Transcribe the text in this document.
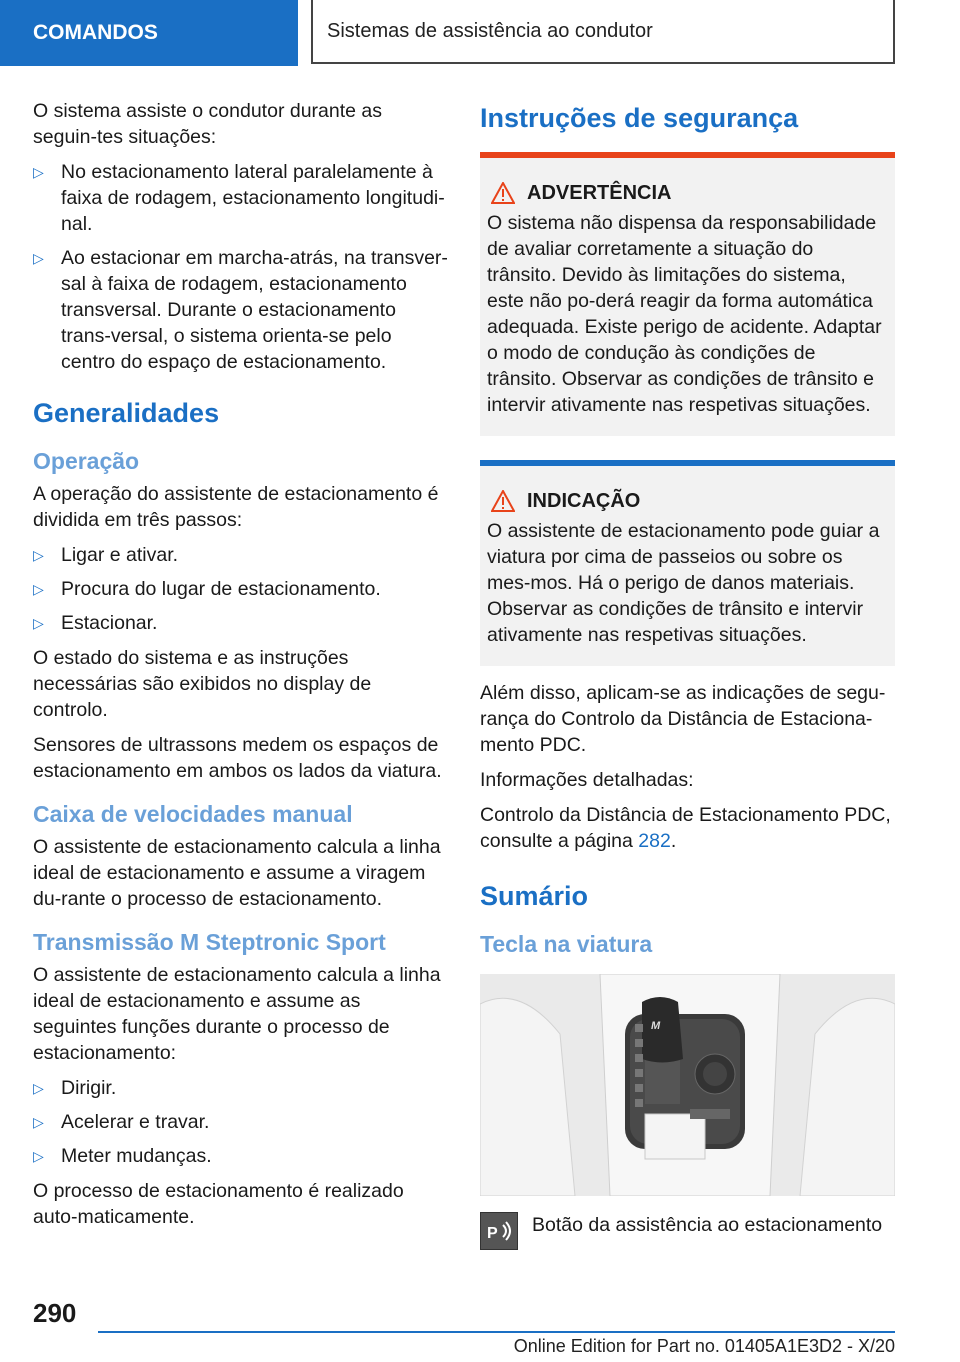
COMANDOS	Sistemas de assistência ao condutor

O sistema assiste o condutor durante as seguin-tes situações:

▷ No estacionamento lateral paralelamente à faixa de rodagem, estacionamento longitudi-nal.
▷ Ao estacionar em marcha-atrás, na transver-sal à faixa de rodagem, estacionamento transversal. Durante o estacionamento trans-versal, o sistema orienta-se pelo centro do espaço de estacionamento.
Generalidades
Operação

A operação do assistente de estacionamento é dividida em três passos:

▷ Ligar e ativar.
▷ Procura do lugar de estacionamento.
▷ Estacionar.

O estado do sistema e as instruções necessárias são exibidos no display de controlo.

Sensores de ultrassons medem os espaços de estacionamento em ambos os lados da viatura.

Caixa de velocidades manual

O assistente de estacionamento calcula a linha ideal de estacionamento e assume a viragem du-rante o processo de estacionamento.

Transmissão M Steptronic Sport

O assistente de estacionamento calcula a linha ideal de estacionamento e assume as seguintes funções durante o processo de estacionamento:

▷ Dirigir.
▷ Acelerar e travar.
▷ Meter mudanças.

O processo de estacionamento é realizado auto-maticamente.

Instruções de segurança
ADVERTÊNCIA
O sistema não dispensa da responsabilidade de avaliar corretamente a situação do trânsito. Devido às limitações do sistema, este não po-derá reagir da forma automática adequada. Existe perigo de acidente. Adaptar o modo de condução às condições de trânsito. Observar as condições de trânsito e intervir ativamente nas respetivas situações.
INDICAÇÃO
O assistente de estacionamento pode guiar a viatura por cima de passeios ou sobre os mes-mos. Há o perigo de danos materiais. Observar as condições de trânsito e intervir ativamente nas respetivas situações.

Além disso, aplicam-se as indicações de segu-rança do Controlo da Distância de Estaciona-mento PDC.

Informações detalhadas:

Controlo da Distância de Estacionamento PDC, consulte a página 282.

Sumário
Tecla na viatura
M
P Botão da assistência ao estacionamento
290
Online Edition for Part no. 01405A1E3D2 - X/20
